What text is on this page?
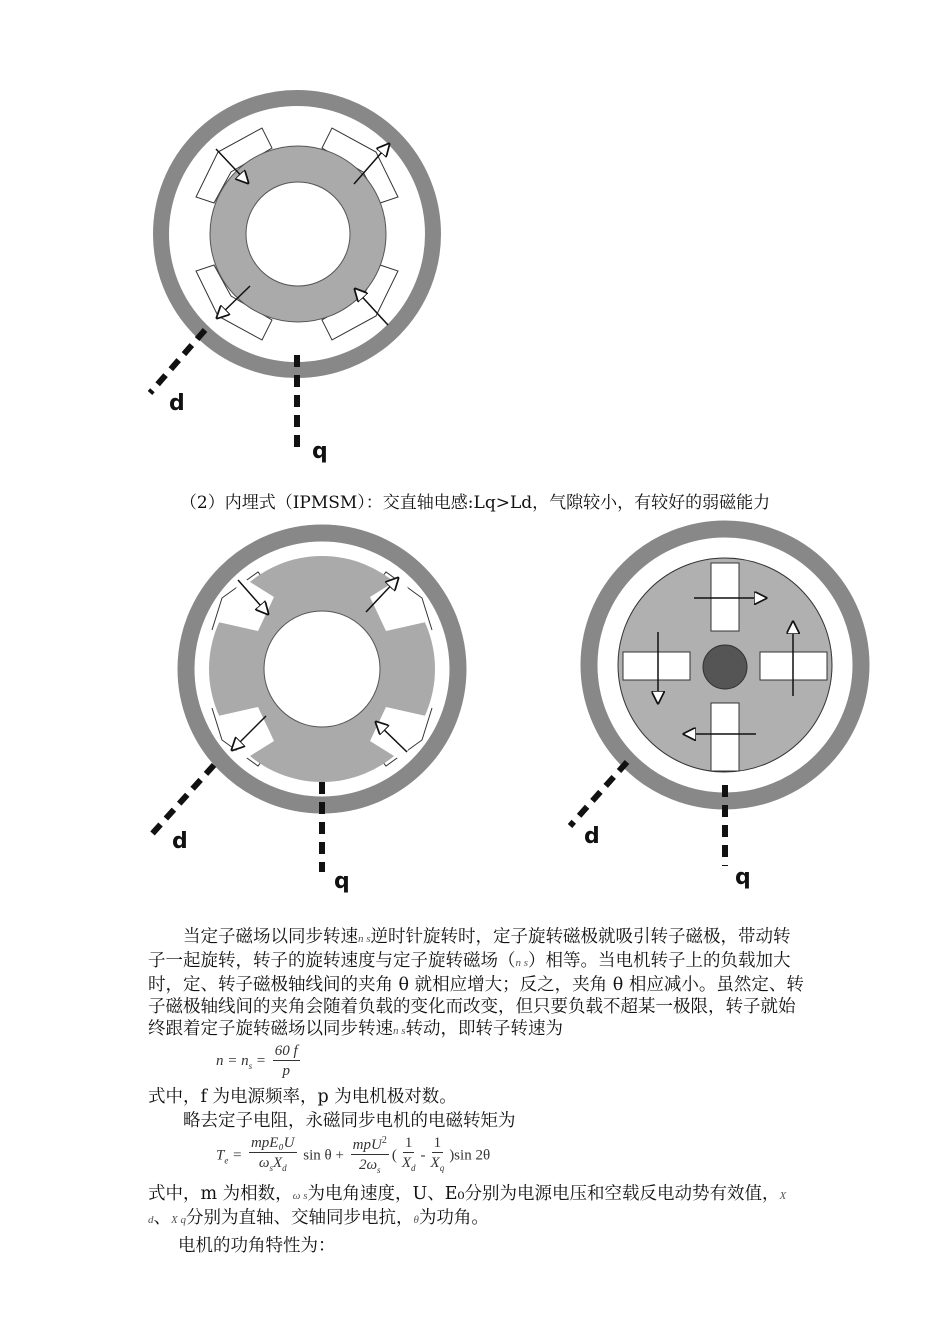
d
q
（2）内埋式（IPMSM）：交直轴电感:Lq>Ld，气隙较小，有较好的弱磁能力
d
q
d
q
当定子磁场以同步转速n s逆时针旋转时，定子旋转磁极就吸引转子磁极，带动转子一起旋转，转子的旋转速度与定子旋转磁场（n s）相等。当电机转子上的负载加大时，定、转子磁极轴线间的夹角 θ 就相应增大；反之，夹角 θ 相应减小。虽然定、转子磁极轴线间的夹角会随着负载的变化而改变，但只要负载不超某一极限，转子就始终跟着定子旋转磁场以同步转速n s转动，即转子转速为
$n = n_s = \frac{60 f}{p}$
式中，f 为电源频率，p 为电机极对数。
略去定子电阻，永磁同步电机的电磁转矩为
$T_e = \frac{\text{mpE₀U}}{\omega_sX_d}$ $\sin \theta + \frac{mpU^2}{2\omega_s}$ ( $\frac{1}{X_d} - \frac{1}{X_q} )\sin$ 2θ
式中，m 为相数，ω s为电角速度，U、E₀分别为电源电压和空载反电动势有效值，X d、X q分别为直轴、交轴同步电抗，θ为功角。
电机的功角特性为：
